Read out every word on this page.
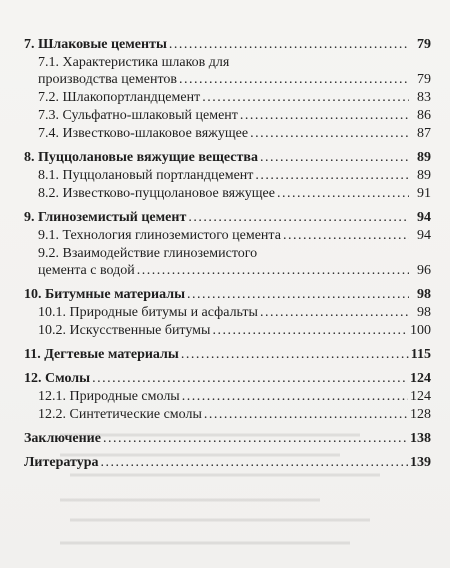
7. Шлаковые цементы . . .	79
7.1. Характеристика шлаков для
производства цементов . . .	79
7.2. Шлакопортландцемент . . .	83
7.3. Сульфатно-шлаковый цемент . . .	86
7.4. Известково-шлаковое вяжущее . . .	87
8. Пуццолановые вяжущие вещества . . .	89
8.1. Пуццолановый портландцемент . . .	89
8.2. Известково-пуццолановое вяжущее . . .	91
9. Глиноземистый цемент . . .	94
9.1. Технология глиноземистого цемента . . .	94
9.2. Взаимодействие глиноземистого
цемента с водой . . .	96
10. Битумные материалы . . .	98
10.1. Природные битумы и асфальты . . .	98
10.2. Искусственные битумы . . .	100
11. Дегтевые материалы . . .	115
12. Смолы . . .	124
12.1. Природные смолы . . .	124
12.2. Синтетические смолы . . .	128
Заключение . . .	138
Литература . . .	139
